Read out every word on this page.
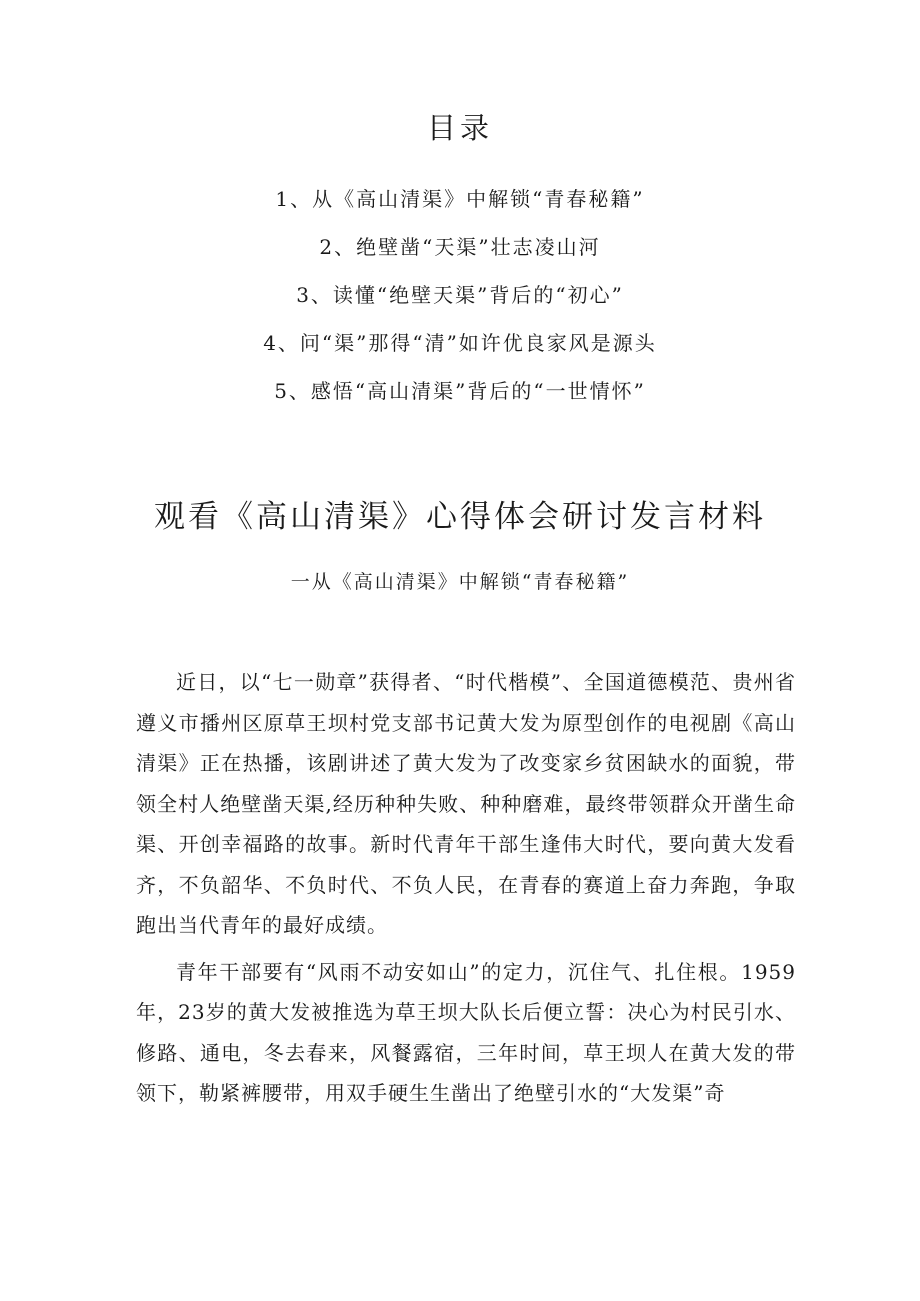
目录
1、从《高山清渠》中解锁“青春秘籍”
2、绝壁凿“天渠”壮志凌山河
3、读懂“绝壁天渠”背后的“初心”
4、问“渠”那得“清”如许优良家风是源头
5、感悟“高山清渠”背后的“一世情怀”
观看《高山清渠》心得体会研讨发言材料
一从《高山清渠》中解锁“青春秘籍”

近日，以“七一勋章”获得者、“时代楷模”、全国道德模范、贵州省遵义市播州区原草王坝村党支部书记黄大发为原型创作的电视剧《高山清渠》正在热播，该剧讲述了黄大发为了改变家乡贫困缺水的面貌，带领全村人绝壁凿天渠,经历种种失败、种种磨难，最终带领群众开凿生命渠、开创幸福路的故事。新时代青年干部生逢伟大时代，要向黄大发看齐，不负韶华、不负时代、不负人民，在青春的赛道上奋力奔跑，争取跑出当代青年的最好成绩。

青年干部要有“风雨不动安如山”的定力，沉住气、扎住根。1959年，23岁的黄大发被推选为草王坝大队长后便立誓：决心为村民引水、修路、通电，冬去春来，风餐露宿，三年时间，草王坝人在黄大发的带领下，勒紧裤腰带，用双手硬生生凿出了绝壁引水的“大发渠”奇
